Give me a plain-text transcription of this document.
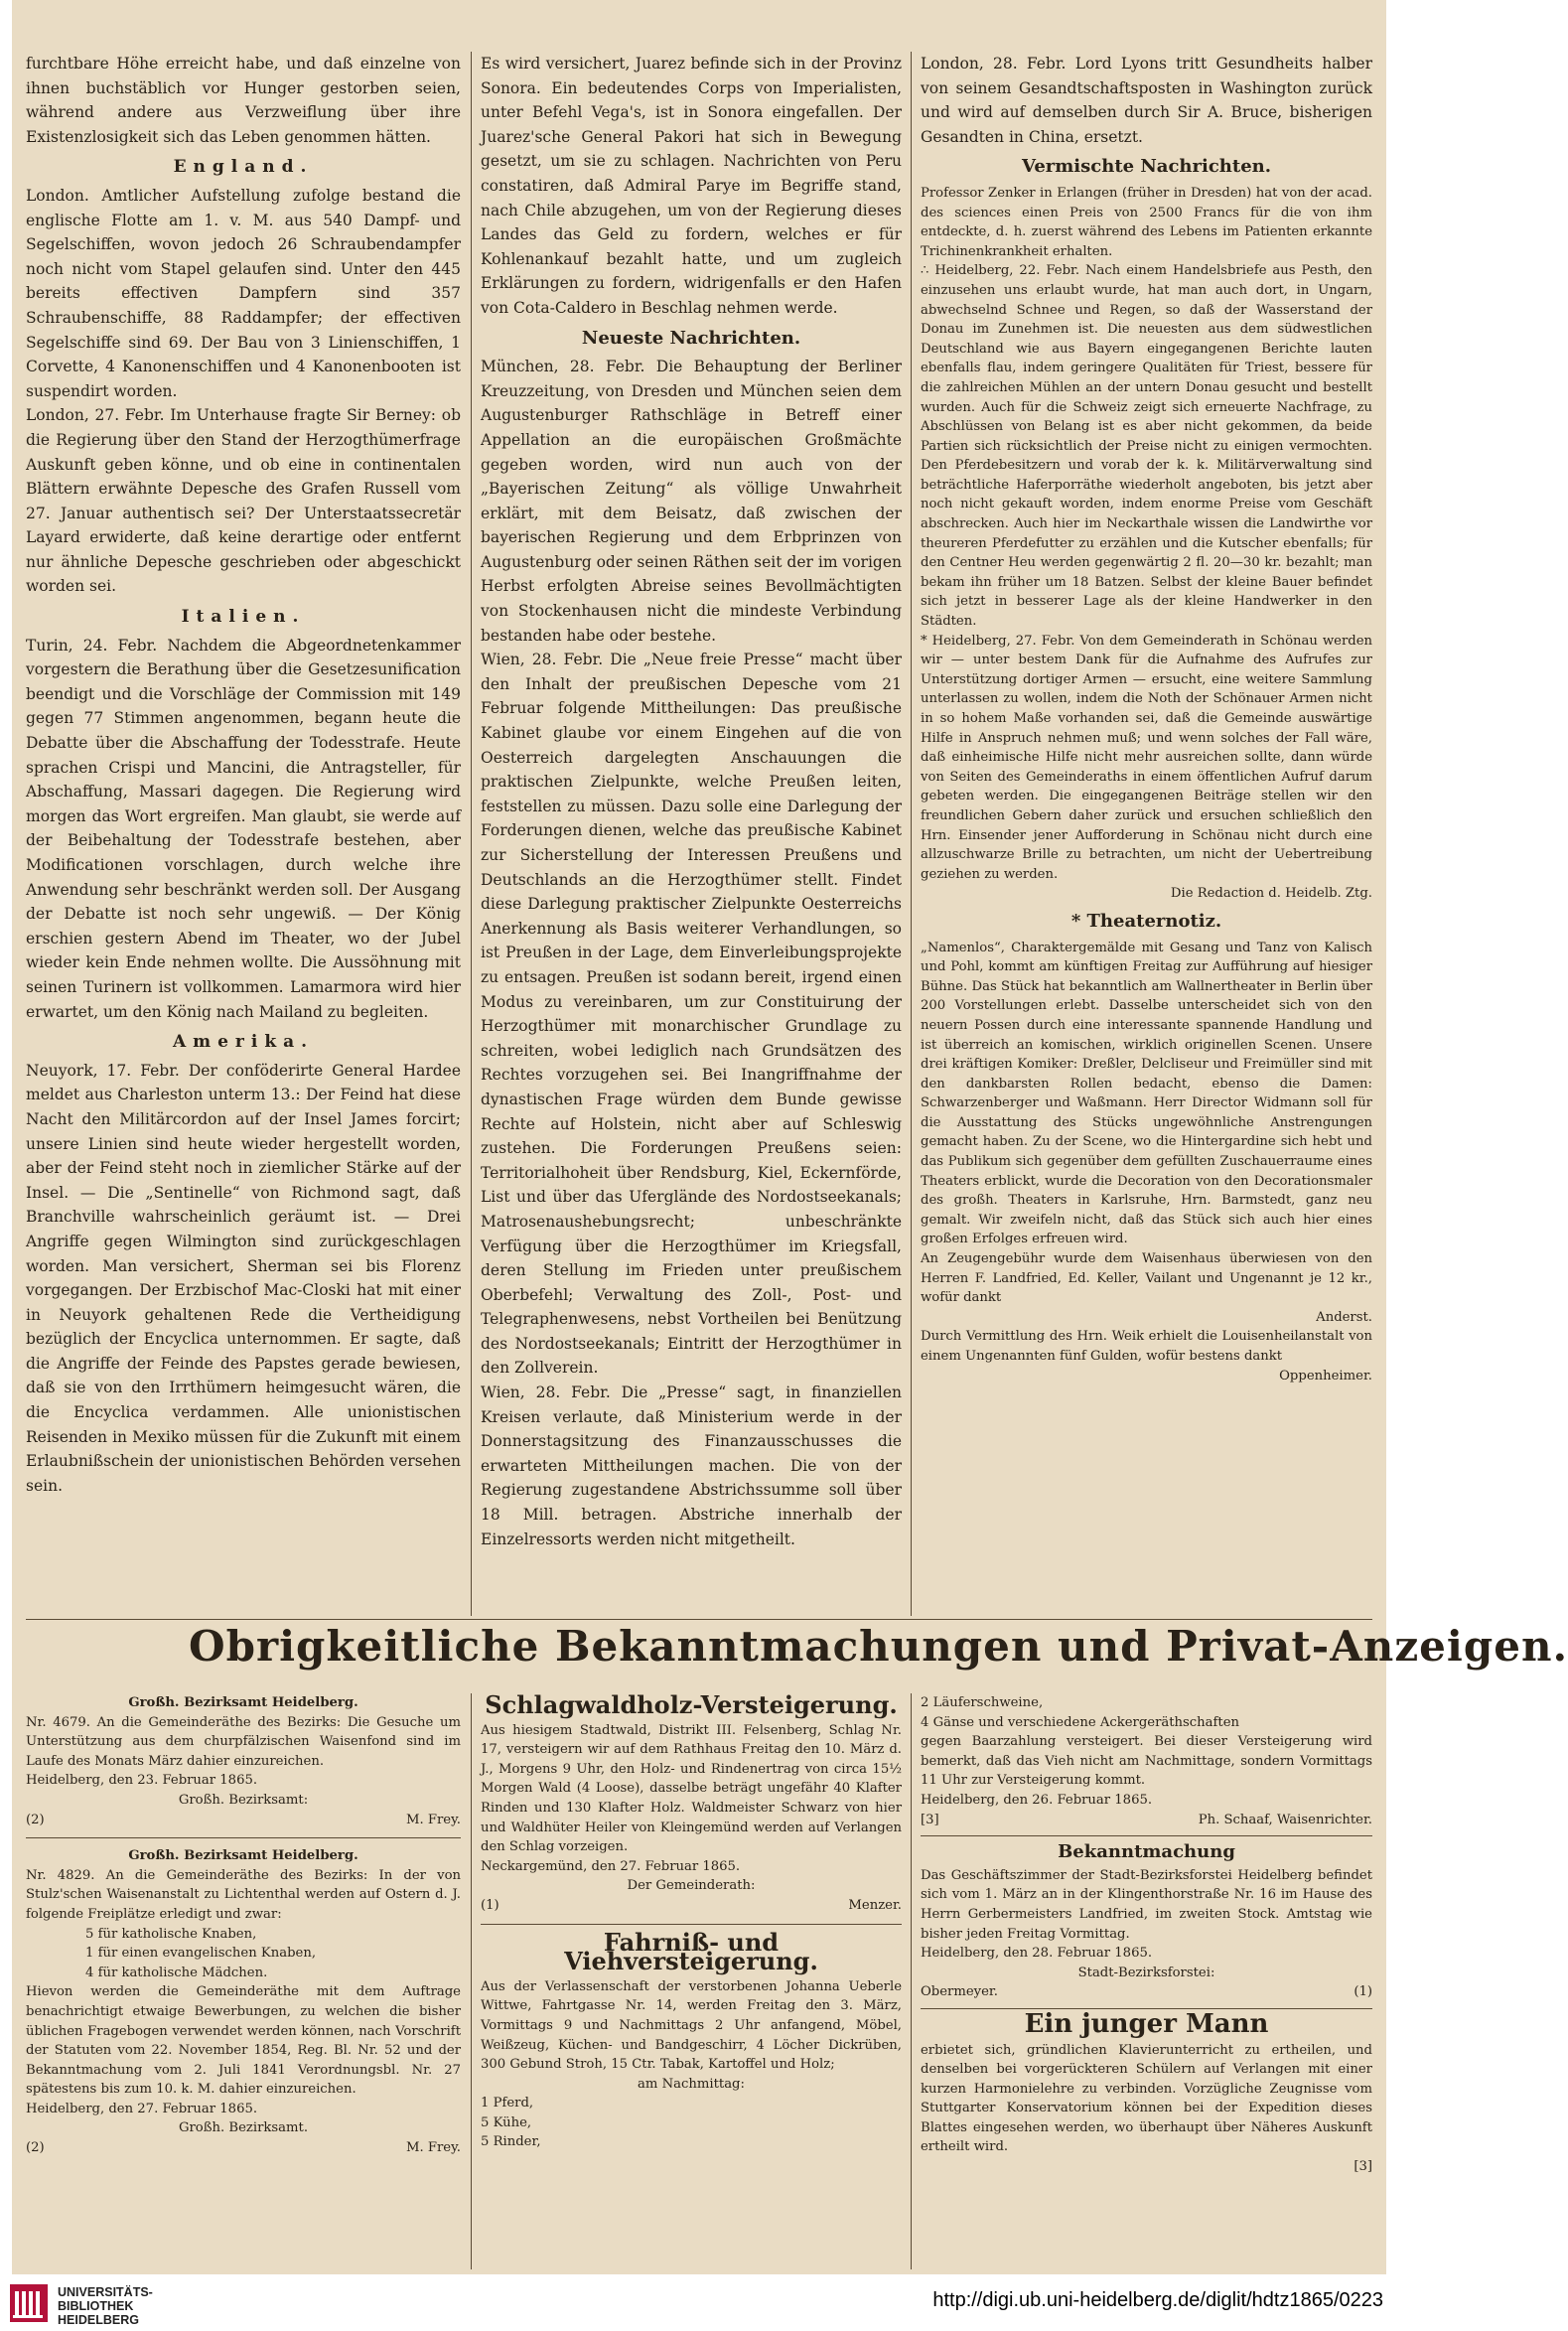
furchtbare Höhe erreicht habe, und daß einzelne von ihnen buchstäblich vor Hunger gestorben seien, während andere aus Verzweiflung über ihre Existenzlosigkeit sich das Leben genommen hätten.

England.

London. Amtlicher Aufstellung zufolge bestand die englische Flotte am 1. v. M. aus 540 Dampf- und Segelschiffen, wovon jedoch 26 Schraubendampfer noch nicht vom Stapel gelaufen sind. Unter den 445 bereits effectiven Dampfern sind 357 Schraubenschiffe, 88 Raddampfer; der effectiven Segelschiffe sind 69. Der Bau von 3 Linienschiffen, 1 Corvette, 4 Kanonenschiffen und 4 Kanonenbooten ist suspendirt worden.

London, 27. Febr. Im Unterhause fragte Sir Berney: ob die Regierung über den Stand der Herzogthümerfrage Auskunft geben könne, und ob eine in continentalen Blättern erwähnte Depesche des Grafen Russell vom 27. Januar authentisch sei? Der Unterstaatssecretär Layard erwiderte, daß keine derartige oder entfernt nur ähnliche Depesche geschrieben oder abgeschickt worden sei.

Italien.

Turin, 24. Febr. Nachdem die Abgeordnetenkammer vorgestern die Berathung über die Gesetzesunification beendigt und die Vorschläge der Commission mit 149 gegen 77 Stimmen angenommen, begann heute die Debatte über die Abschaffung der Todesstrafe. Heute sprachen Crispi und Mancini, die Antragsteller, für Abschaffung, Massari dagegen. Die Regierung wird morgen das Wort ergreifen. Man glaubt, sie werde auf der Beibehaltung der Todesstrafe bestehen, aber Modificationen vorschlagen, durch welche ihre Anwendung sehr beschränkt werden soll. Der Ausgang der Debatte ist noch sehr ungewiß. — Der König erschien gestern Abend im Theater, wo der Jubel wieder kein Ende nehmen wollte. Die Aussöhnung mit seinen Turinern ist vollkommen. Lamarmora wird hier erwartet, um den König nach Mailand zu begleiten.

Amerika.

Neuyork, 17. Febr. Der conföderirte General Hardee meldet aus Charleston unterm 13.: Der Feind hat diese Nacht den Militärcordon auf der Insel James forcirt; unsere Linien sind heute wieder hergestellt worden, aber der Feind steht noch in ziemlicher Stärke auf der Insel. — Die „Sentinelle“ von Richmond sagt, daß Branchville wahrscheinlich geräumt ist. — Drei Angriffe gegen Wilmington sind zurückgeschlagen worden. Man versichert, Sherman sei bis Florenz vorgegangen. Der Erzbischof Mac-Closki hat mit einer in Neuyork gehaltenen Rede die Vertheidigung bezüglich der Encyclica unternommen. Er sagte, daß die Angriffe der Feinde des Papstes gerade bewiesen, daß sie von den Irrthümern heimgesucht wären, die die Encyclica verdammen. Alle unionistischen Reisenden in Mexiko müssen für die Zukunft mit einem Erlaubnißschein der unionistischen Behörden versehen sein.

Es wird versichert, Juarez befinde sich in der Provinz Sonora. Ein bedeutendes Corps von Imperialisten, unter Befehl Vega's, ist in Sonora eingefallen. Der Juarez'sche General Pakori hat sich in Bewegung gesetzt, um sie zu schlagen. Nachrichten von Peru constatiren, daß Admiral Parye im Begriffe stand, nach Chile abzugehen, um von der Regierung dieses Landes das Geld zu fordern, welches er für Kohlenankauf bezahlt hatte, und um zugleich Erklärungen zu fordern, widrigenfalls er den Hafen von Cota-Caldero in Beschlag nehmen werde.

Neueste Nachrichten.

München, 28. Febr. Die Behauptung der Berliner Kreuzzeitung, von Dresden und München seien dem Augustenburger Rathschläge in Betreff einer Appellation an die europäischen Großmächte gegeben worden, wird nun auch von der „Bayerischen Zeitung“ als völlige Unwahrheit erklärt, mit dem Beisatz, daß zwischen der bayerischen Regierung und dem Erbprinzen von Augustenburg oder seinen Räthen seit der im vorigen Herbst erfolgten Abreise seines Bevollmächtigten von Stockenhausen nicht die mindeste Verbindung bestanden habe oder bestehe.

Wien, 28. Febr. Die „Neue freie Presse“ macht über den Inhalt der preußischen Depesche vom 21 Februar folgende Mittheilungen: Das preußische Kabinet glaube vor einem Eingehen auf die von Oesterreich dargelegten Anschauungen die praktischen Zielpunkte, welche Preußen leiten, feststellen zu müssen. Dazu solle eine Darlegung der Forderungen dienen, welche das preußische Kabinet zur Sicherstellung der Interessen Preußens und Deutschlands an die Herzogthümer stellt. Findet diese Darlegung praktischer Zielpunkte Oesterreichs Anerkennung als Basis weiterer Verhandlungen, so ist Preußen in der Lage, dem Einverleibungsprojekte zu entsagen. Preußen ist sodann bereit, irgend einen Modus zu vereinbaren, um zur Constituirung der Herzogthümer mit monarchischer Grundlage zu schreiten, wobei lediglich nach Grundsätzen des Rechtes vorzugehen sei. Bei Inangriffnahme der dynastischen Frage würden dem Bunde gewisse Rechte auf Holstein, nicht aber auf Schleswig zustehen. Die Forderungen Preußens seien: Territorialhoheit über Rendsburg, Kiel, Eckernförde, List und über das Uferglände des Nordostseekanals; Matrosenaushebungsrecht; unbeschränkte Verfügung über die Herzogthümer im Kriegsfall, deren Stellung im Frieden unter preußischem Oberbefehl; Verwaltung des Zoll-, Post- und Telegraphenwesens, nebst Vortheilen bei Benützung des Nordostseekanals; Eintritt der Herzogthümer in den Zollverein.

Wien, 28. Febr. Die „Presse“ sagt, in finanziellen Kreisen verlaute, daß Ministerium werde in der Donnerstagsitzung des Finanzausschusses die erwarteten Mittheilungen machen. Die von der Regierung zugestandene Abstrichssumme soll über 18 Mill. betragen. Abstriche innerhalb der Einzelressorts werden nicht mitgetheilt.

London, 28. Febr. Lord Lyons tritt Gesundheits halber von seinem Gesandtschaftsposten in Washington zurück und wird auf demselben durch Sir A. Bruce, bisherigen Gesandten in China, ersetzt.

Vermischte Nachrichten.

Professor Zenker in Erlangen (früher in Dresden) hat von der acad. des sciences einen Preis von 2500 Francs für die von ihm entdeckte, d. h. zuerst während des Lebens im Patienten erkannte Trichinenkrankheit erhalten.

∴ Heidelberg, 22. Febr. Nach einem Handelsbriefe aus Pesth, den einzusehen uns erlaubt wurde, hat man auch dort, in Ungarn, abwechselnd Schnee und Regen, so daß der Wasserstand der Donau im Zunehmen ist. Die neuesten aus dem südwestlichen Deutschland wie aus Bayern eingegangenen Berichte lauten ebenfalls flau, indem geringere Qualitäten für Triest, bessere für die zahlreichen Mühlen an der untern Donau gesucht und bestellt wurden. Auch für die Schweiz zeigt sich erneuerte Nachfrage, zu Abschlüssen von Belang ist es aber nicht gekommen, da beide Partien sich rücksichtlich der Preise nicht zu einigen vermochten. Den Pferdebesitzern und vorab der k. k. Militärverwaltung sind beträchtliche Haferporräthe wiederholt angeboten, bis jetzt aber noch nicht gekauft worden, indem enorme Preise vom Geschäft abschrecken. Auch hier im Neckarthale wissen die Landwirthe vor theureren Pferdefutter zu erzählen und die Kutscher ebenfalls; für den Centner Heu werden gegenwärtig 2 fl. 20—30 kr. bezahlt; man bekam ihn früher um 18 Batzen. Selbst der kleine Bauer befindet sich jetzt in besserer Lage als der kleine Handwerker in den Städten.

* Heidelberg, 27. Febr. Von dem Gemeinderath in Schönau werden wir — unter bestem Dank für die Aufnahme des Aufrufes zur Unterstützung dortiger Armen — ersucht, eine weitere Sammlung unterlassen zu wollen, indem die Noth der Schönauer Armen nicht in so hohem Maße vorhanden sei, daß die Gemeinde auswärtige Hilfe in Anspruch nehmen muß; und wenn solches der Fall wäre, daß einheimische Hilfe nicht mehr ausreichen sollte, dann würde von Seiten des Gemeinderaths in einem öffentlichen Aufruf darum gebeten werden. Die eingegangenen Beiträge stellen wir den freundlichen Gebern daher zurück und ersuchen schließlich den Hrn. Einsender jener Aufforderung in Schönau nicht durch eine allzuschwarze Brille zu betrachten, um nicht der Uebertreibung geziehen zu werden.

Die Redaction d. Heidelb. Ztg.

* Theaternotiz.

„Namenlos“, Charaktergemälde mit Gesang und Tanz von Kalisch und Pohl, kommt am künftigen Freitag zur Aufführung auf hiesiger Bühne. Das Stück hat bekanntlich am Wallnertheater in Berlin über 200 Vorstellungen erlebt. Dasselbe unterscheidet sich von den neuern Possen durch eine interessante spannende Handlung und ist überreich an komischen, wirklich originellen Scenen. Unsere drei kräftigen Komiker: Dreßler, Delcliseur und Freimüller sind mit den dankbarsten Rollen bedacht, ebenso die Damen: Schwarzenberger und Waßmann. Herr Director Widmann soll für die Ausstattung des Stücks ungewöhnliche Anstrengungen gemacht haben. Zu der Scene, wo die Hintergardine sich hebt und das Publikum sich gegenüber dem gefüllten Zuschauerraume eines Theaters erblickt, wurde die Decoration von den Decorationsmaler des großh. Theaters in Karlsruhe, Hrn. Barmstedt, ganz neu gemalt. Wir zweifeln nicht, daß das Stück sich auch hier eines großen Erfolges erfreuen wird.

An Zeugengebühr wurde dem Waisenhaus überwiesen von den Herren F. Landfried, Ed. Keller, Vailant und Ungenannt je 12 kr., wofür dankt

Anderst.

Durch Vermittlung des Hrn. Weik erhielt die Louisenheilanstalt von einem Ungenannten fünf Gulden, wofür bestens dankt

Oppenheimer.

Obrigkeitliche Bekanntmachungen und Privat-Anzeigen.
Großh. Bezirksamt Heidelberg.

Nr. 4679. An die Gemeinderäthe des Bezirks: Die Gesuche um Unterstützung aus dem churpfälzischen Waisenfond sind im Laufe des Monats März dahier einzureichen.

Heidelberg, den 23. Februar 1865.

Großh. Bezirksamt:

(2)	M. Frey.

Großh. Bezirksamt Heidelberg.

Nr. 4829. An die Gemeinderäthe des Bezirks: In der von Stulz'schen Waisenanstalt zu Lichtenthal werden auf Ostern d. J. folgende Freiplätze erledigt und zwar:

5 für katholische Knaben,

1 für einen evangelischen Knaben,

4 für katholische Mädchen.

Hievon werden die Gemeinderäthe mit dem Auftrage benachrichtigt etwaige Bewerbungen, zu welchen die bisher üblichen Fragebogen verwendet werden können, nach Vorschrift der Statuten vom 22. November 1854, Reg. Bl. Nr. 52 und der Bekanntmachung vom 2. Juli 1841 Verordnungsbl. Nr. 27 spätestens bis zum 10. k. M. dahier einzureichen.

Heidelberg, den 27. Februar 1865.

Großh. Bezirksamt.

(2)	M. Frey.

Schlagwaldholz-Versteigerung.

Aus hiesigem Stadtwald, Distrikt III. Felsenberg, Schlag Nr. 17, versteigern wir auf dem Rathhaus Freitag den 10. März d. J., Morgens 9 Uhr, den Holz- und Rindenertrag von circa 15½ Morgen Wald (4 Loose), dasselbe beträgt ungefähr 40 Klafter Rinden und 130 Klafter Holz. Waldmeister Schwarz von hier und Waldhüter Heiler von Kleingemünd werden auf Verlangen den Schlag vorzeigen.

Neckargemünd, den 27. Februar 1865.

Der Gemeinderath:

(1)	Menzer.

Fahrniß- und Viehversteigerung.

Aus der Verlassenschaft der verstorbenen Johanna Ueberle Wittwe, Fahrtgasse Nr. 14, werden Freitag den 3. März, Vormittags 9 und Nachmittags 2 Uhr anfangend, Möbel, Weißzeug, Küchen- und Bandgeschirr, 4 Löcher Dickrüben, 300 Gebund Stroh, 15 Ctr. Tabak, Kartoffel und Holz;

am Nachmittag:

1 Pferd,

5 Kühe,

5 Rinder,

2 Läuferschweine,

4 Gänse und verschiedene Ackergeräthschaften

gegen Baarzahlung versteigert. Bei dieser Versteigerung wird bemerkt, daß das Vieh nicht am Nachmittage, sondern Vormittags 11 Uhr zur Versteigerung kommt.

Heidelberg, den 26. Februar 1865.

[3]	Ph. Schaaf, Waisenrichter.

Bekanntmachung

Das Geschäftszimmer der Stadt-Bezirksforstei Heidelberg befindet sich vom 1. März an in der Klingenthorstraße Nr. 16 im Hause des Herrn Gerbermeisters Landfried, im zweiten Stock. Amtstag wie bisher jeden Freitag Vormittag.

Heidelberg, den 28. Februar 1865.

Stadt-Bezirksforstei:

Obermeyer.	(1)

Ein junger Mann

erbietet sich, gründlichen Klavierunterricht zu ertheilen, und denselben bei vorgerückteren Schülern auf Verlangen mit einer kurzen Harmonielehre zu verbinden. Vorzügliche Zeugnisse vom Stuttgarter Konservatorium können bei der Expedition dieses Blattes eingesehen werden, wo überhaupt über Näheres Auskunft ertheilt wird.

[3]

UNIVERSITÄTS-
BIBLIOTHEK
HEIDELBERG
http://digi.ub.uni-heidelberg.de/diglit/hdtz1865/0223
